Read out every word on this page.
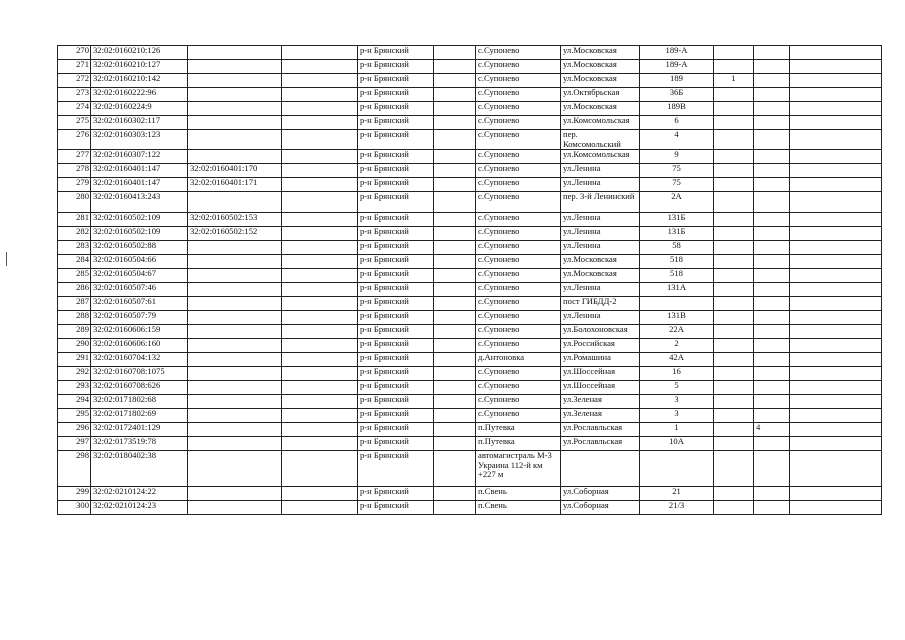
270	32:02:0160210:126			р-н Брянский		с.Супонево	ул.Московская	189-А			
271	32:02:0160210:127			р-н Брянский		с.Супонево	ул.Московская	189-А			
272	32:02:0160210:142			р-н Брянский		с.Супонево	ул.Московская	189	1		
273	32:02:0160222:96			р-н Брянский		с.Супонево	ул.Октябрьская	36Б			
274	32:02:0160224:9			р-н Брянский		с.Супонево	ул.Московская	189В			
275	32:02:0160302:117			р-н Брянский		с.Супонево	ул.Комсомольская	6			
276	32:02:0160303:123			р-н Брянский		с.Супонево	пер. Комсомольский	4			
277	32:02:0160307:122			р-н Брянский		с.Супонево	ул.Комсомольская	9			
278	32:02:0160401:147	32:02:0160401:170		р-н Брянский		с.Супонево	ул.Ленина	75			
279	32:02:0160401:147	32:02:0160401:171		р-н Брянский		с.Супонево	ул.Ленина	75			
280	32:02:0160413:243			р-н Брянский		с.Супонево	пер. 3-й Ленинский	2А			
281	32:02:0160502:109	32:02:0160502:153		р-н Брянский		с.Супонево	ул.Ленина	131Б			
282	32:02:0160502:109	32:02:0160502:152		р-н Брянский		с.Супонево	ул.Ленина	131Б			
283	32:02:0160502:88			р-н Брянский		с.Супонево	ул.Ленина	58			
284	32:02:0160504:66			р-н Брянский		с.Супонево	ул.Московская	518			
285	32:02:0160504:67			р-н Брянский		с.Супонево	ул.Московская	518			
286	32:02:0160507:46			р-н Брянский		с.Супонево	ул.Ленина	131А			
287	32:02:0160507:61			р-н Брянский		с.Супонево	пост ГИБДД-2				
288	32:02:0160507:79			р-н Брянский		с.Супонево	ул.Ленина	131В			
289	32:02:0160606:159			р-н Брянский		с.Супонево	ул.Болохоновская	22А			
290	32:02:0160606:160			р-н Брянский		с.Супонево	ул.Российская	2			
291	32:02:0160704:132			р-н Брянский		д.Антоновка	ул.Ромашина	42А			
292	32:02:0160708:1075			р-н Брянский		с.Супонево	ул.Шоссейная	16			
293	32:02:0160708:626			р-н Брянский		с.Супонево	ул.Шоссейная	5			
294	32:02:0171802:68			р-н Брянский		с.Супонево	ул.Зеленая	3			
295	32:02:0171802:69			р-н Брянский		с.Супонево	ул.Зеленая	3			
296	32:02:0172401:129			р-н Брянский		п.Путевка	ул.Рославльская	1		4	
297	32:02:0173519:78			р-н Брянский		п.Путевка	ул.Рославльская	10А			
298	32:02:0180402:38			р-н Брянский		автомагистраль М-3 Украина 112-й км +227 м					
299	32:02:0210124:22			р-н Брянский		п.Свень	ул.Соборная	21			
300	32:02:0210124:23			р-н Брянский		п.Свень	ул.Соборная	21/3			
